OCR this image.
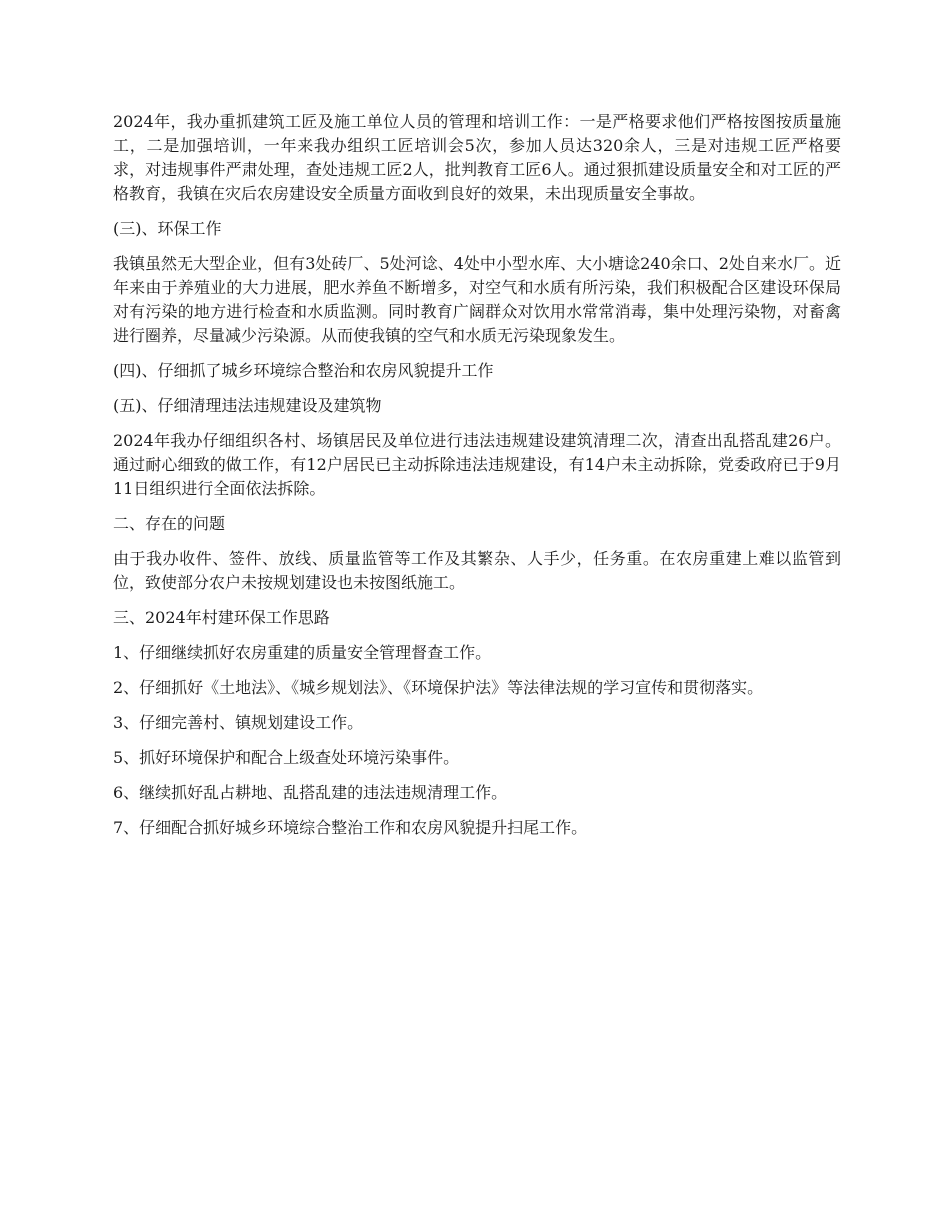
2024年，我办重抓建筑工匠及施工单位人员的管理和培训工作：一是严格要求他们严格按图按质量施工，二是加强培训，一年来我办组织工匠培训会5次，参加人员达320余人，三是对违规工匠严格要求，对违规事件严肃处理，查处违规工匠2人，批判教育工匠6人。通过狠抓建设质量安全和对工匠的严格教育，我镇在灾后农房建设安全质量方面收到良好的效果，未出现质量安全事故。

(三)、环保工作

我镇虽然无大型企业，但有3处砖厂、5处河谂、4处中小型水库、大小塘谂240余口、2处自来水厂。近年来由于养殖业的大力进展，肥水养鱼不断增多，对空气和水质有所污染，我们积极配合区建设环保局对有污染的地方进行检查和水质监测。同时教育广阔群众对饮用水常常消毒，集中处理污染物，对畜禽进行圈养，尽量减少污染源。从而使我镇的空气和水质无污染现象发生。

(四)、仔细抓了城乡环境综合整治和农房风貌提升工作

(五)、仔细清理违法违规建设及建筑物

2024年我办仔细组织各村、场镇居民及单位进行违法违规建设建筑清理二次，清查出乱搭乱建26户。通过耐心细致的做工作，有12户居民已主动拆除违法违规建设，有14户未主动拆除，党委政府已于9月11日组织进行全面依法拆除。

二、存在的问题

由于我办收件、签件、放线、质量监管等工作及其繁杂、人手少，任务重。在农房重建上难以监管到位，致使部分农户未按规划建设也未按图纸施工。

三、2024年村建环保工作思路

1、仔细继续抓好农房重建的质量安全管理督查工作。

2、仔细抓好《土地法》、《城乡规划法》、《环境保护法》等法律法规的学习宣传和贯彻落实。

3、仔细完善村、镇规划建设工作。

5、抓好环境保护和配合上级查处环境污染事件。

6、继续抓好乱占耕地、乱搭乱建的违法违规清理工作。

7、仔细配合抓好城乡环境综合整治工作和农房风貌提升扫尾工作。
